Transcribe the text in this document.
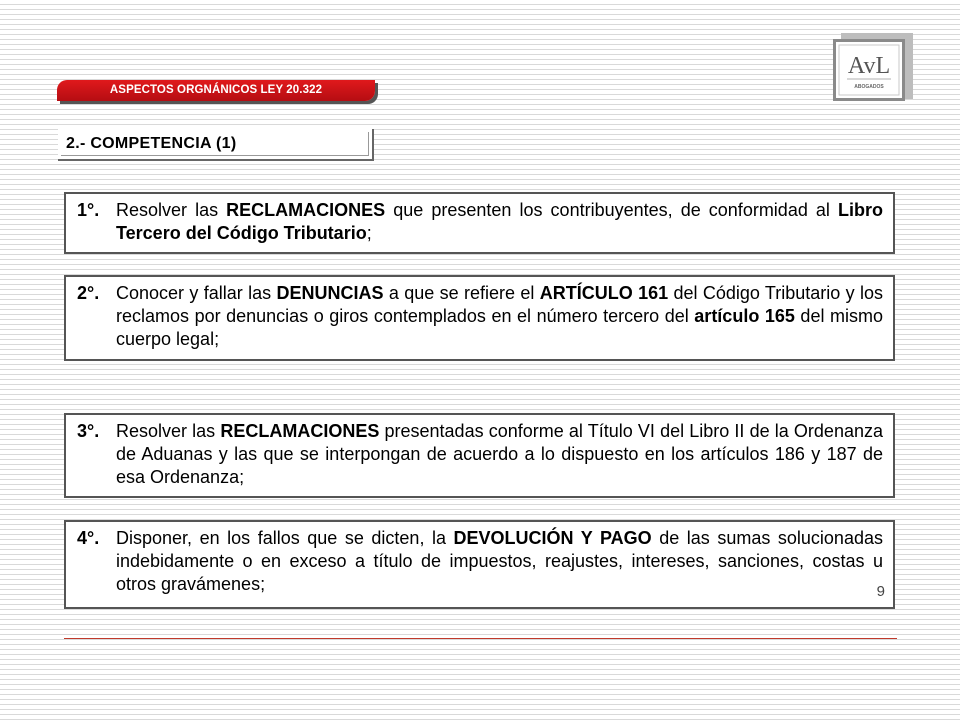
ASPECTOS ORGNÁNICOS LEY 20.322
2.- COMPETENCIA (1)
AvL
ABOGADOS
1°. Resolver las RECLAMACIONES que presenten los contribuyentes, de conformidad al Libro Tercero del Código Tributario;
2°. Conocer y fallar las DENUNCIAS a que se refiere el ARTÍCULO 161 del Código Tributario y los reclamos por denuncias o giros contemplados en el número tercero del artículo 165 del mismo cuerpo legal;
3°. Resolver las RECLAMACIONES presentadas conforme al Título VI del Libro II de la Ordenanza de Aduanas y las que se interpongan de acuerdo a lo dispuesto en los artículos 186 y 187 de esa Ordenanza;
4°. Disponer, en los fallos que se dicten, la DEVOLUCIÓN Y PAGO de las sumas solucionadas indebidamente o en exceso a título de impuestos, reajustes, intereses, sanciones, costas u otros gravámenes;	9
